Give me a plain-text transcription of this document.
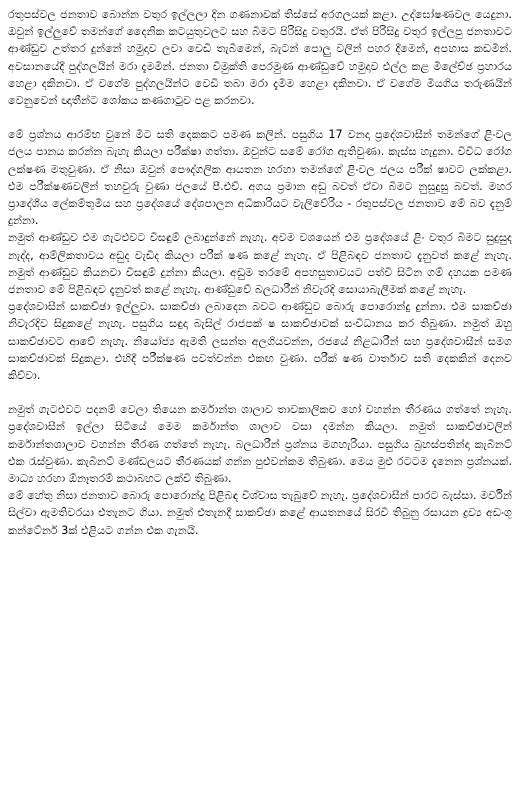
රතුපස්වල ජනතාව බොන්න වතුර ඉල්ලලා දින ගණනාවක් තිස්සේ අරගලයක් කළා. උද්ඝෝෂණවල යෙදුනා. ඔවුන් ඉල්ලුවේ තමන්ගේ දෛනික කටයුතුවලට සහ බීමට පිරිසිදු වතුරයි. ඒත් පිරිසිදු වතුර ඉල්ලපු ජනතාවට ආණ්ඩුව උත්තර දුන්නේ හමුදාව ලවා වෙඩි තැබීමෙන්, බැටන් පොලු වලින් පහර දීමෙන්, අපහාස කඩමින්. අවසානයේදී පුද්ගලයින් මරා දැමමින්. ජනතා විමුක්ති පෙරමුණ ආණ්ඩුවේ හමුදාව එල්ල කළ මිලේච්ඡ ප්‍රහාරය හෙළා දකිනවා. ඒ වගේම පුද්ගලයින්ට වෙඩි තබා මරා දැමීම හෙළා දකිනවා. ඒ වගේම මියගිය තරුණයින් වෙනුවෙන් ඥාතීන්ට ශෝකය කණගාටුව පළ කරනවා.

මේ ප්‍රශ්නය ආරම්භ වුනේ මීට සති දෙකකට පමණ කලින්. පසුගිය 17 වනදා ප්‍රදේශවාසීන් තමන්ගේ ළිංවල ජලය පානය කරන්න බැහැ කියලා පරීක්ෂා ගත්තා. ඔවුන්ට සමේ රෝග ඇතිවුණා. කැස්ස හැදුනා. විවිධ රෝග ලක්ෂණ මතුවුණා. ඒ නිසා ඔවුන් පෞද්ගලික ආයතන හරහා තමන්ගේ ළිංවල ජලය පරීක් ෂාවට ලක්කළා. එම පරීක්ෂණවලින් තහවුරු වුණා ජලයේ පී.එච්. අගය ප්‍රමාන අඩු බවත් ඒවා බීමට නුසුදුසු බවත්. මහර ප්‍රාදේශීය ලේකම්තුමිය සහ ප්‍රදේශයේ දේශපාලන අධිකාරියට වැලිවේරිය - රතුපස්වල ජනතාව මේ බව දැනුම් දුන්නා.

නමුත් ආණ්ඩුව එම ගැටළුවට විසඳුම් ලබාදුන්නේ නැහැ. අවම වශයෙන් එම ප්‍රදේශයේ ළිං වතුර බීමට සුදුසුද නැද්ද, ආම්ලිකතාවය අඩුද වැඩිද කියලා පරීක් ෂණ කළේ නැහැ. ඒ පිළිබඳව ජනතාව දැනුවත් කළේ නැහැ. නමුත් ආණ්ඩුව කියනවා විසඳුම් දුන්නා කියලා. අඩුම තරමේ අපහසුතාවයට පත්වී සිටින ගම් දහයක පමණ ජනතාව මේ පිළිබඳව දැනුවත් කළේ නැහැ. ආණ්ඩුවේ බලධාරීන් නිවැරදි සොයාබැලීමක් කළේ නැහැ.

ප්‍රදේශවාසීන් සාකච්ඡා ඉල්ලුවා. සාකච්ඡා ලබාදෙන බවට ආණ්ඩුව බොරු පොරොන්දු දුන්නා. එම සාකච්ඡා නිවැරදිව සිදුකළේ නැහැ. පසුගිය සඳුදා බැසිල් රාජපක් ෂ සාකච්ඡාවක් සංවිධානය කර තිබුණා. නමුත් ඔහු සාකච්ඡාවට ආවේ නැහැ. නියෝජ්‍ය ඇමති ලසන්ත අලගියවන්න, රජයේ නිළධාරීන් සහ ප්‍රදේශවාසීන් සමග සාකච්ඡාවක් සිදුකළා. එහිදී පරීක්ෂණ පවත්වන්න එකඟ වුණා. පරීක් ෂණ වාර්තාව සති දෙකකින් දෙනව කිව්වා.

නමුත් ගැටළුවට පදනම් වෙලා තියෙන කර්මාන්ත ශාලාව තාවකාලිකව හෝ වහන්න තීරණය ගත්තේ නැහැ. ප්‍රදේශවාසීන් ඉල්ලා සිටියේ මෙම කර්මාන්ත ශාලාව වසා දමන්න කියලා. නමුත් සාකච්ඡාවලින් කර්මාන්තශාලාව වහන්න තීරණ ගත්තේ නැහැ. බලධාරීන් ප්‍රශ්නය මගහැරියා. පසුගිය බ්‍රහස්පතින්දා කැබිනට් එක රැස්වුණා. කැබිනට් මණ්ඩලයට තීරණයක් ගන්න පුළුවන්කම තිබුණා. මෙය මුළු රටටම දැනෙන ප්‍රශ්නයක්. මාධ්‍ය හරහා ඕනෑතරම් කථාබහට ලක්වී තිබුණා.

මේ හේතු නිසා ජනතාව බොරු පොරොන්දු පිළිබඳ විශ්වාස තැබුවේ නැහැ. ප්‍රදේශවාසීන් පාරට බැස්සා. මර්වින් සිල්වා ඇමතිවරයා එතැනට ගියා. නමුත් එතැනදී සාකච්ඡා කළේ ආයතනයේ සිරවී තිබුනු රසායන ද්‍රව්‍ය අඩංගු කන්ටේනර් 3ක් එළියට ගන්න එක ගැනයි.
